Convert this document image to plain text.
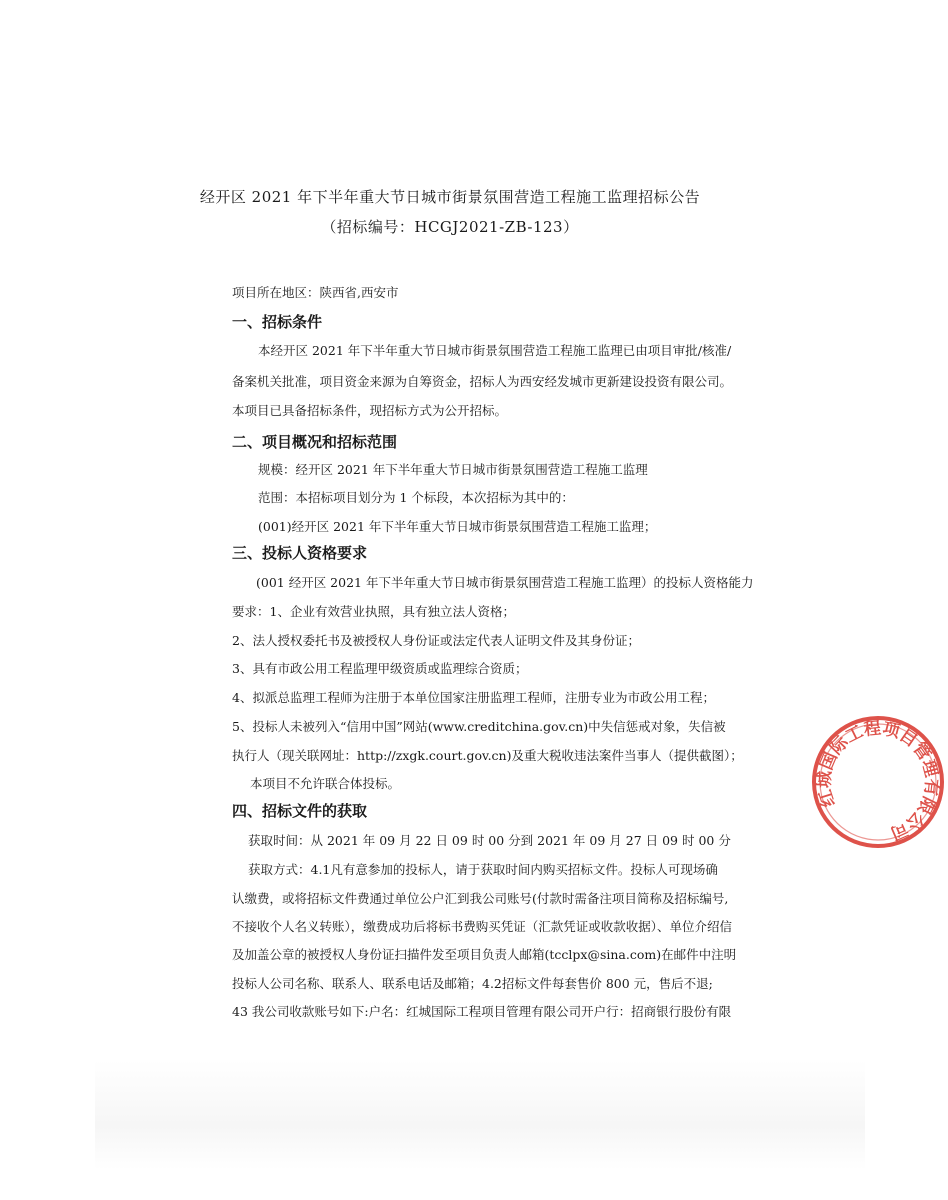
经开区 2021 年下半年重大节日城市街景氛围营造工程施工监理招标公告
（招标编号：HCGJ2021-ZB-123）
项目所在地区：陕西省,西安市
一、招标条件
本经开区 2021 年下半年重大节日城市街景氛围营造工程施工监理已由项目审批/核准/
备案机关批准，项目资金来源为自筹资金，招标人为西安经发城市更新建设投资有限公司。
本项目已具备招标条件，现招标方式为公开招标。
二、项目概况和招标范围
规模：经开区 2021 年下半年重大节日城市街景氛围营造工程施工监理
范围：本招标项目划分为 1 个标段，本次招标为其中的：
(001)经开区 2021 年下半年重大节日城市街景氛围营造工程施工监理；
三、投标人资格要求
(001 经开区 2021 年下半年重大节日城市街景氛围营造工程施工监理）的投标人资格能力
要求：1、企业有效营业执照，具有独立法人资格；
2、法人授权委托书及被授权人身份证或法定代表人证明文件及其身份证；
3、具有市政公用工程监理甲级资质或监理综合资质；
4、拟派总监理工程师为注册于本单位国家注册监理工程师，注册专业为市政公用工程；
5、投标人未被列入“信用中国”网站(www.creditchina.gov.cn)中失信惩戒对象，失信被
执行人（现关联网址：http://zxgk.court.gov.cn)及重大税收违法案件当事人（提供截图）；
本项目不允许联合体投标。
四、招标文件的获取
获取时间：从 2021 年 09 月 22 日 09 时 00 分到 2021 年 09 月 27 日 09 时 00 分
获取方式：4.1凡有意参加的投标人，请于获取时间内购买招标文件。投标人可现场确
认缴费，或将招标文件费通过单位公户汇到我公司账号(付款时需备注项目简称及招标编号,
不接收个人名义转账），缴费成功后将标书费购买凭证（汇款凭证或收款收据）、单位介绍信
及加盖公章的被授权人身份证扫描件发至项目负责人邮箱(tcclpx@sina.com)在邮件中注明
投标人公司名称、联系人、联系电话及邮箱；4.2招标文件每套售价 800 元，售后不退;
43 我公司收款账号如下:户名：红城国际工程项目管理有限公司开户行：招商银行股份有限
红城国际工程项目管理有限公司
